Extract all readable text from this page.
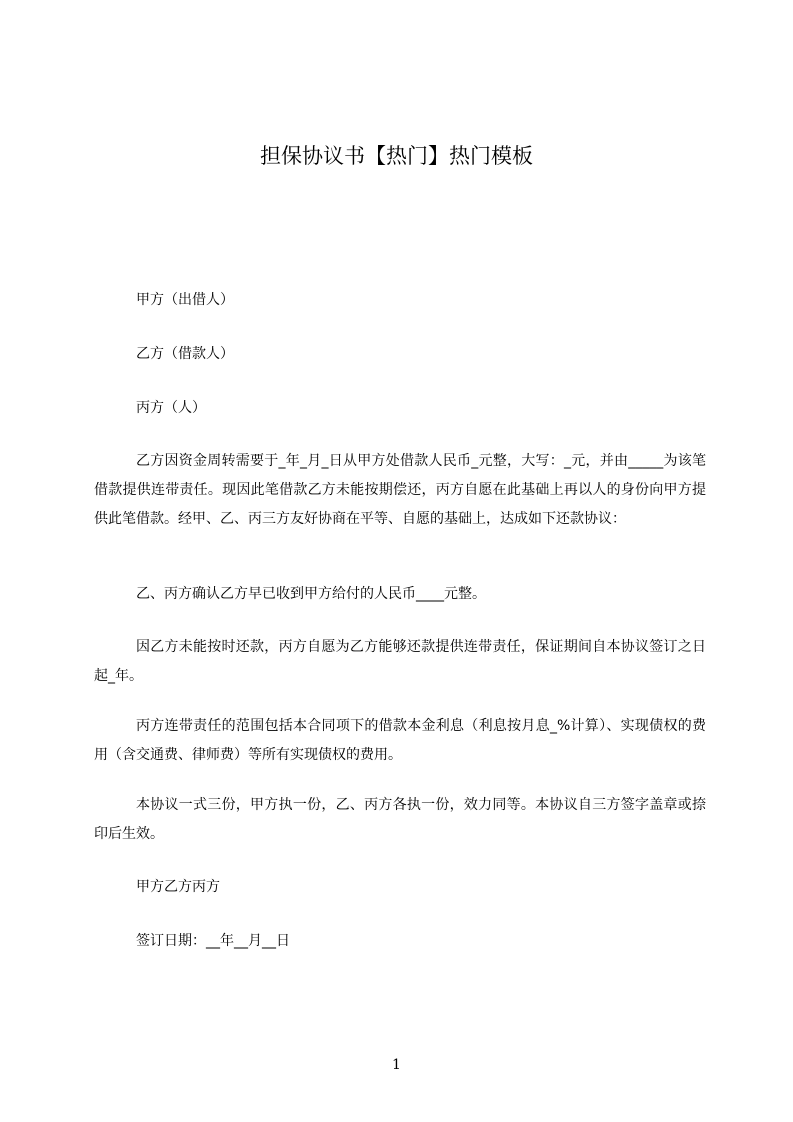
担保协议书【热门】热门模板

甲方（出借人）

乙方（借款人）

丙方（人）

乙方因资金周转需要于_年_月_日从甲方处借款人民币_元整，大写：_元，并由_____为该笔借款提供连带责任。现因此笔借款乙方未能按期偿还，丙方自愿在此基础上再以人的身份向甲方提供此笔借款。经甲、乙、丙三方友好协商在平等、自愿的基础上，达成如下还款协议：

乙、丙方确认乙方早已收到甲方给付的人民币____元整。

因乙方未能按时还款，丙方自愿为乙方能够还款提供连带责任，保证期间自本协议签订之日起_年。

丙方连带责任的范围包括本合同项下的借款本金利息（利息按月息_%计算）、实现债权的费用（含交通费、律师费）等所有实现债权的费用。

本协议一式三份，甲方执一份，乙、丙方各执一份，效力同等。本协议自三方签字盖章或捺印后生效。

甲方乙方丙方

签订日期：__年__月__日

1
